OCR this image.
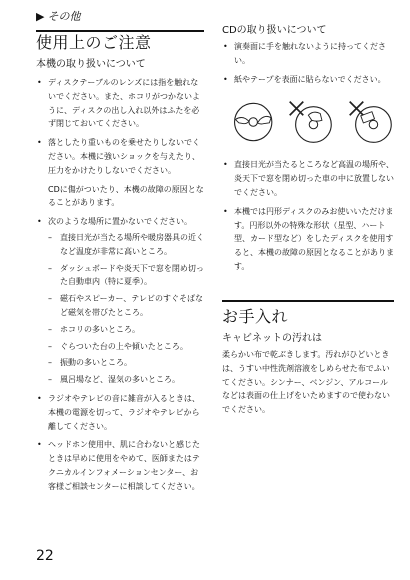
▶ その他
使用上のご注意
本機の取り扱いについて
• ディスクテーブルのレンズには指を触れないでください。また、ホコリがつかないように、ディスクの出し入れ以外はふたを必ず閉じておいてください。
• 落としたり重いものを乗せたりしないでください。本機に強いショックを与えたり、圧力をかけたりしないでください。

CDに傷がついたり、本機の故障の原因となることがあります。

• 次のような場所に置かないでください。
– 直接日光が当たる場所や暖房器具の近くなど温度が非常に高いところ。
– ダッシュボードや炎天下で窓を閉め切った自動車内（特に夏季）。
– 磁石やスピーカー、テレビのすぐそばなど磁気を帯びたところ。
– ホコリの多いところ。
– ぐらついた台の上や傾いたところ。
– 振動の多いところ。
– 風呂場など、湿気の多いところ。
• ラジオやテレビの音に雑音が入るときは、本機の電源を切って、ラジオやテレビから離してください。
• ヘッドホン使用中、肌に合わないと感じたときは早めに使用をやめて、医師またはテクニカルインフォメーションセンター、お客様ご相談センターに相談してください。
CDの取り扱いについて
• 演奏面に手を触れないように持ってください。
• 紙やテープを表面に貼らないでください。
• 直接日光が当たるところなど高温の場所や、炎天下で窓を閉め切った車の中に放置しないでください。
• 本機では円形ディスクのみお使いいただけます。円形以外の特殊な形状（星型、ハート型、カード型など）をしたディスクを使用すると、本機の故障の原因となることがあります。
お手入れ
キャビネットの汚れは

柔らかい布で乾ぶきします。汚れがひどいときは、うすい中性洗剤溶液をしめらせた布でふいてください。シンナー、ベンジン、アルコールなどは表面の仕上げをいためますので使わないでください。

22
